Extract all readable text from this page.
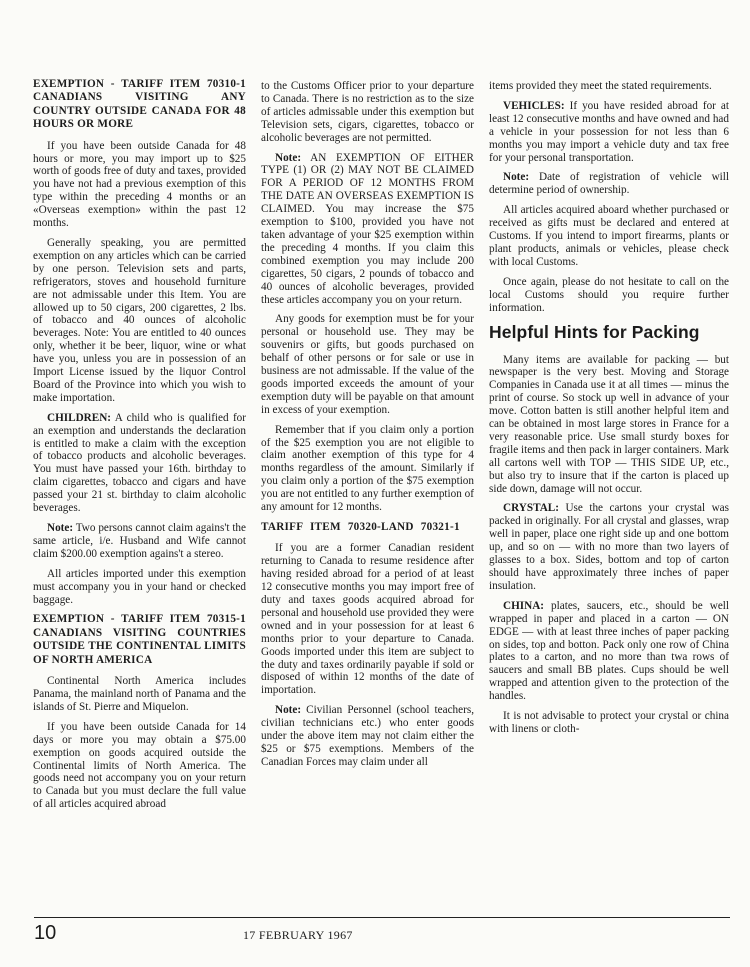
EXEMPTION - TARIFF ITEM 70310-1 CANADIANS VISITING ANY COUNTRY OUTSIDE CANADA FOR 48 HOURS OR MORE

If you have been outside Canada for 48 hours or more, you may import up to $25 worth of goods free of duty and taxes, provided you have not had a previous exemption of this type within the preceding 4 months or an «Overseas exemption» within the past 12 months.

Generally speaking, you are permitted exemption on any articles which can be carried by one person. Television sets and parts, refrigerators, stoves and household furniture are not admissable under this Item. You are allowed up to 50 cigars, 200 cigarettes, 2 lbs. of tobacco and 40 ounces of alcoholic beverages. Note: You are entitled to 40 ounces only, whether it be beer, liquor, wine or what have you, unless you are in possession of an Import License issued by the liquor Control Board of the Province into which you wish to make importation.

CHILDREN: A child who is qualified for an exemption and understands the declaration is entitled to make a claim with the exception of tobacco products and alcoholic beverages. You must have passed your 16th. birthday to claim cigarettes, tobacco and cigars and have passed your 21 st. birthday to claim alcoholic beverages.

Note: Two persons cannot claim agains't the same article, i/e. Husband and Wife cannot claim $200.00 exemption agains't a stereo.

All articles imported under this exemption must accompany you in your hand or checked baggage.

EXEMPTION - TARIFF ITEM 70315-1 CANADIANS VISITING COUNTRIES OUTSIDE THE CONTINENTAL LIMITS OF NORTH AMERICA

Continental North America includes Panama, the mainland north of Panama and the islands of St. Pierre and Miquelon.

If you have been outside Canada for 14 days or more you may obtain a $75.00 exemption on goods acquired outside the Continental limits of North America. The goods need not accompany you on your return to Canada but you must declare the full value of all articles acquired abroad

to the Customs Officer prior to your departure to Canada. There is no restriction as to the size of articles admissable under this exemption but Television sets, cigars, cigarettes, tobacco or alcoholic beverages are not permitted.

Note: AN EXEMPTION OF EITHER TYPE (1) OR (2) MAY NOT BE CLAIMED FOR A PERIOD OF 12 MONTHS FROM THE DATE AN OVERSEAS EXEMPTION IS CLAIMED. You may increase the $75 exemption to $100, provided you have not taken advantage of your $25 exemption within the preceding 4 months. If you claim this combined exemption you may include 200 cigarettes, 50 cigars, 2 pounds of tobacco and 40 ounces of alcoholic beverages, provided these articles accompany you on your return.

Any goods for exemption must be for your personal or household use. They may be souvenirs or gifts, but goods purchased on behalf of other persons or for sale or use in business are not admissable. If the value of the goods imported exceeds the amount of your exemption duty will be payable on that amount in excess of your exemption.

Remember that if you claim only a portion of the $25 exemption you are not eligible to claim another exemption of this type for 4 months regardless of the amount. Similarly if you claim only a portion of the $75 exemption you are not entitled to any further exemption of any amount for 12 months.

TARIFF ITEM 70320-LAND 70321-1

If you are a former Canadian resident returning to Canada to resume residence after having resided abroad for a period of at least 12 consecutive months you may import free of duty and taxes goods acquired abroad for personal and household use provided they were owned and in your possession for at least 6 months prior to your departure to Canada. Goods imported under this item are subject to the duty and taxes ordinarily payable if sold or disposed of within 12 months of the date of importation.

Note: Civilian Personnel (school teachers, civilian technicians etc.) who enter goods under the above item may not claim either the $25 or $75 exemptions. Members of the Canadian Forces may claim under all

items provided they meet the stated requirements.

VEHICLES: If you have resided abroad for at least 12 consecutive months and have owned and had a vehicle in your possession for not less than 6 months you may import a vehicle duty and tax free for your personal transportation.

Note: Date of registration of vehicle will determine period of ownership.

All articles acquired aboard whether purchased or received as gifts must be declared and entered at Customs. If you intend to import firearms, plants or plant products, animals or vehicles, please check with local Customs.

Once again, please do not hesitate to call on the local Customs should you require further information.

Helpful Hints for Packing

Many items are available for packing — but newspaper is the very best. Moving and Storage Companies in Canada use it at all times — minus the print of course. So stock up well in advance of your move. Cotton batten is still another helpful item and can be obtained in most large stores in France for a very reasonable price. Use small sturdy boxes for fragile items and then pack in larger containers. Mark all cartons well with TOP — THIS SIDE UP, etc., but also try to insure that if the carton is placed up side down, damage will not occur.

CRYSTAL: Use the cartons your crystal was packed in originally. For all crystal and glasses, wrap well in paper, place one right side up and one bottom up, and so on — with no more than two layers of glasses to a box. Sides, bottom and top of carton should have approximately three inches of paper insulation.

CHINA: plates, saucers, etc., should be well wrapped in paper and placed in a carton — ON EDGE — with at least three inches of paper packing on sides, top and botton. Pack only one row of China plates to a carton, and no more than twa rows of saucers and small BB plates. Cups should be well wrapped and attention given to the protection of the handles.

It is not advisable to protect your crystal or china with linens or cloth-

10	17 FEBRUARY 1967
